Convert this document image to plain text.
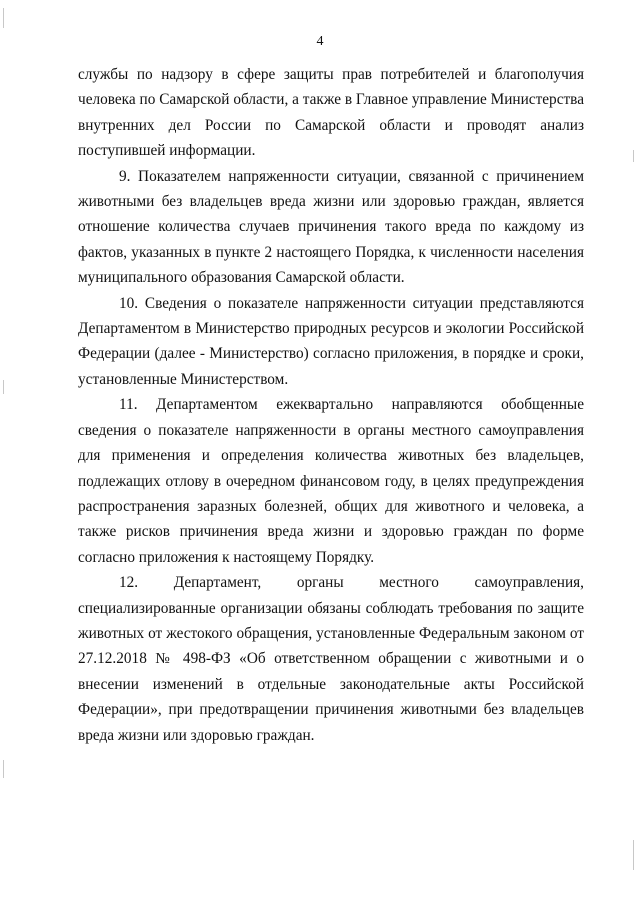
4

службы по надзору в сфере защиты прав потребителей и благополучия человека по Самарской области, а также в Главное управление Министерства внутренних дел России по Самарской области и проводят анализ поступившей информации.

9. Показателем напряженности ситуации, связанной с причинением животными без владельцев вреда жизни или здоровью граждан, является отношение количества случаев причинения такого вреда по каждому из фактов, указанных в пункте 2 настоящего Порядка, к численности населения муниципального образования Самарской области.

10. Сведения о показателе напряженности ситуации представляются Департаментом в Министерство природных ресурсов и экологии Российской Федерации (далее - Министерство) согласно приложения, в порядке и сроки, установленные Министерством.

11. Департаментом ежеквартально направляются обобщенные сведения о показателе напряженности в органы местного самоуправления для применения и определения количества животных без владельцев, подлежащих отлову в очередном финансовом году, в целях предупреждения распространения заразных болезней, общих для животного и человека, а также рисков причинения вреда жизни и здоровью граждан по форме согласно приложения к настоящему Порядку.

12. Департамент, органы местного самоуправления, специализированные организации обязаны соблюдать требования по защите животных от жестокого обращения, установленные Федеральным законом от 27.12.2018 № 498-ФЗ «Об ответственном обращении с животными и о внесении изменений в отдельные законодательные акты Российской Федерации», при предотвращении причинения животными без владельцев вреда жизни или здоровью граждан.
